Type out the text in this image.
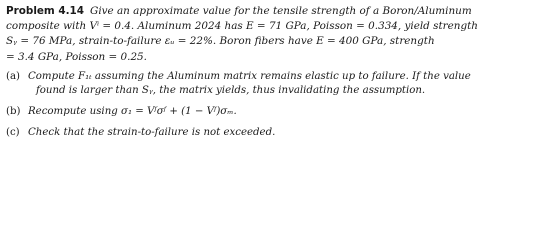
Problem 4.14 Give an approximate value for the tensile strength of a Boron/Aluminum
composite with Vⁱ = 0.4. Aluminum 2024 has E = 71 GPa, Poisson = 0.334, yield strength
Sᵧ = 76 MPa, strain-to-failure εᵤ = 22%. Boron fibers have E = 400 GPa, strength
= 3.4 GPa, Poisson = 0.25.

(a) Compute F₁ₜ assuming the Aluminum matrix remains elastic up to failure. If the value
found is larger than Sᵧ, the matrix yields, thus invalidating the assumption.

(b) Recompute using σ₁ = Vᶠσᶠ + (1 − Vᶠ)σₘ.

(c) Check that the strain-to-failure is not exceeded.
